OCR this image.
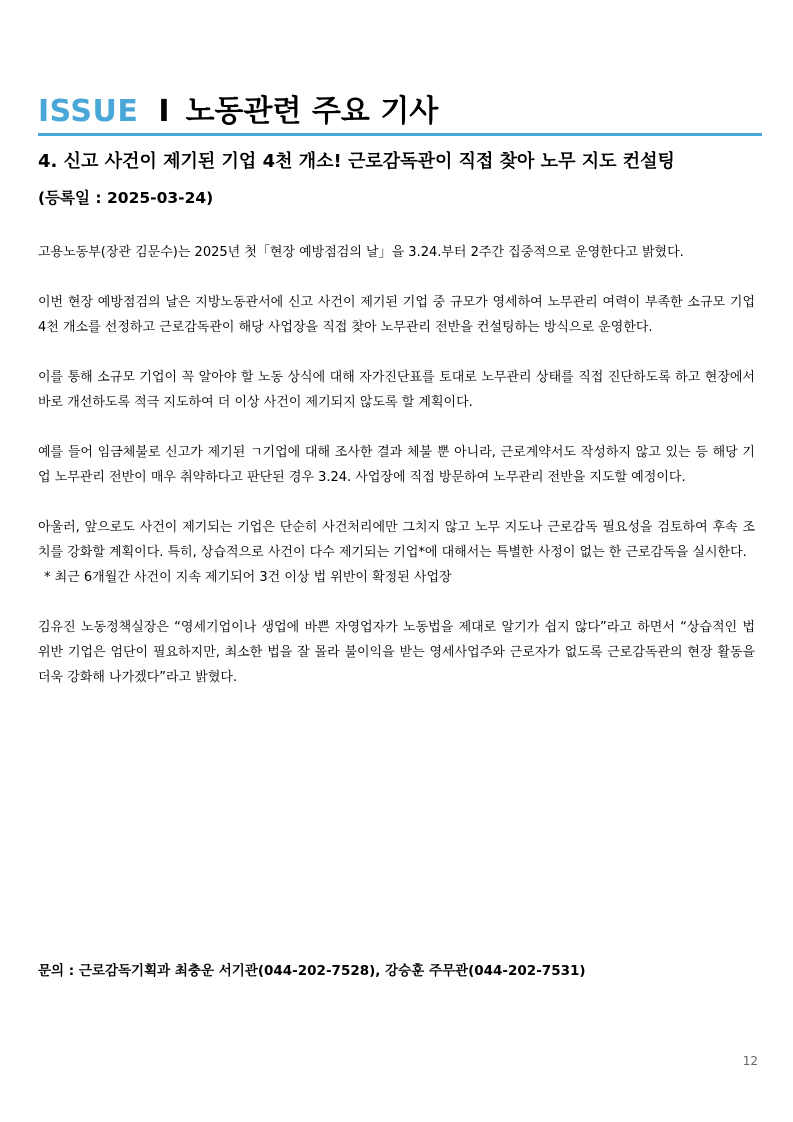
ISSUE I 노동관련 주요 기사
4. 신고 사건이 제기된 기업 4천 개소! 근로감독관이 직접 찾아 노무 지도 컨설팅
(등록일 : 2025-03-24)

고용노동부(장관 김문수)는 2025년 첫「현장 예방점검의 날」을 3.24.부터 2주간 집중적으로 운영한다고 밝혔다.

이번 현장 예방점검의 날은 지방노동관서에 신고 사건이 제기된 기업 중 규모가 영세하여 노무관리 여력이 부족한 소규모 기업 4천 개소를 선정하고 근로감독관이 해당 사업장을 직접 찾아 노무관리 전반을 컨설팅하는 방식으로 운영한다.

이를 통해 소규모 기업이 꼭 알아야 할 노동 상식에 대해 자가진단표를 토대로 노무관리 상태를 직접 진단하도록 하고 현장에서 바로 개선하도록 적극 지도하여 더 이상 사건이 제기되지 않도록 할 계획이다.

예를 들어 임금체불로 신고가 제기된 ㄱ기업에 대해 조사한 결과 체불 뿐 아니라, 근로계약서도 작성하지 않고 있는 등 해당 기업 노무관리 전반이 매우 취약하다고 판단된 경우 3.24. 사업장에 직접 방문하여 노무관리 전반을 지도할 예정이다.

아울러, 앞으로도 사건이 제기되는 기업은 단순히 사건처리에만 그치지 않고 노무 지도나 근로감독 필요성을 검토하여 후속 조치를 강화할 계획이다. 특히, 상습적으로 사건이 다수 제기되는 기업*에 대해서는 특별한 사정이 없는 한 근로감독을 실시한다.

* 최근 6개월간 사건이 지속 제기되어 3건 이상 법 위반이 확정된 사업장

김유진 노동정책실장은 “영세기업이나 생업에 바쁜 자영업자가 노동법을 제대로 알기가 쉽지 않다”라고 하면서 “상습적인 법 위반 기업은 엄단이 필요하지만, 최소한 법을 잘 몰라 불이익을 받는 영세사업주와 근로자가 없도록 근로감독관의 현장 활동을 더욱 강화해 나가겠다”라고 밝혔다.

문의 : 근로감독기획과 최충운 서기관(044-202-7528), 강승훈 주무관(044-202-7531)
12
